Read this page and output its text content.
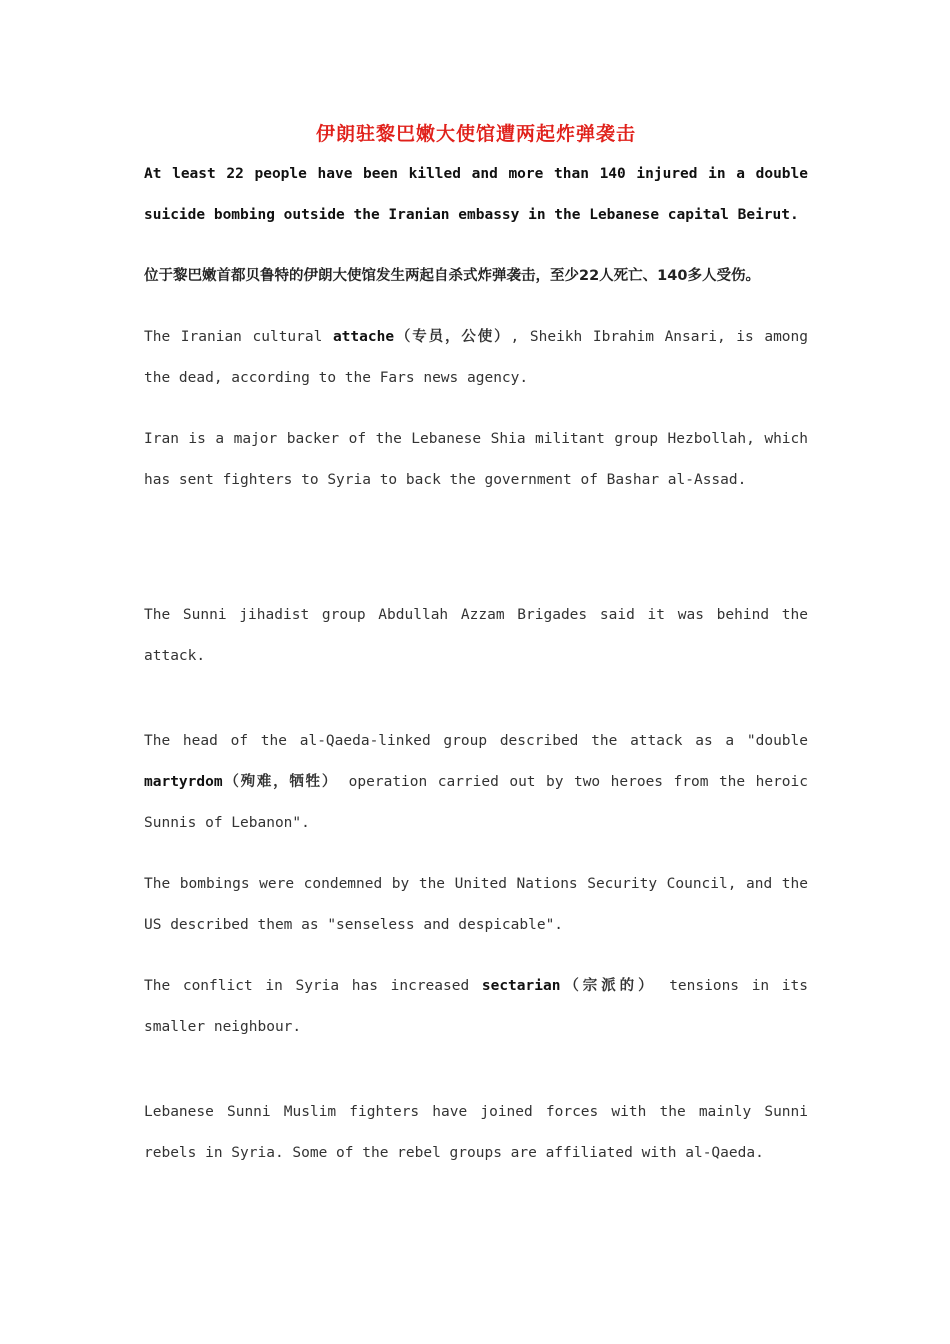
伊朗驻黎巴嫩大使馆遭两起炸弹袭击

At least 22 people have been killed and more than 140 injured in a double suicide bombing outside the Iranian embassy in the Lebanese capital Beirut.

位于黎巴嫩首都贝鲁特的伊朗大使馆发生两起自杀式炸弹袭击，至少22人死亡、140多人受伤。

The Iranian cultural attache（专员，公使）, Sheikh Ibrahim Ansari, is among the dead, according to the Fars news agency.

Iran is a major backer of the Lebanese Shia militant group Hezbollah, which has sent fighters to Syria to back the government of Bashar al-Assad.

The Sunni jihadist group Abdullah Azzam Brigades said it was behind the attack.

The head of the al-Qaeda-linked group described the attack as a "double martyrdom（殉难，牺牲） operation carried out by two heroes from the heroic Sunnis of Lebanon".

The bombings were condemned by the United Nations Security Council, and the US described them as "senseless and despicable".

The conflict in Syria has increased sectarian（宗派的） tensions in its smaller neighbour.

Lebanese Sunni Muslim fighters have joined forces with the mainly Sunni rebels in Syria. Some of the rebel groups are affiliated with al-Qaeda.
